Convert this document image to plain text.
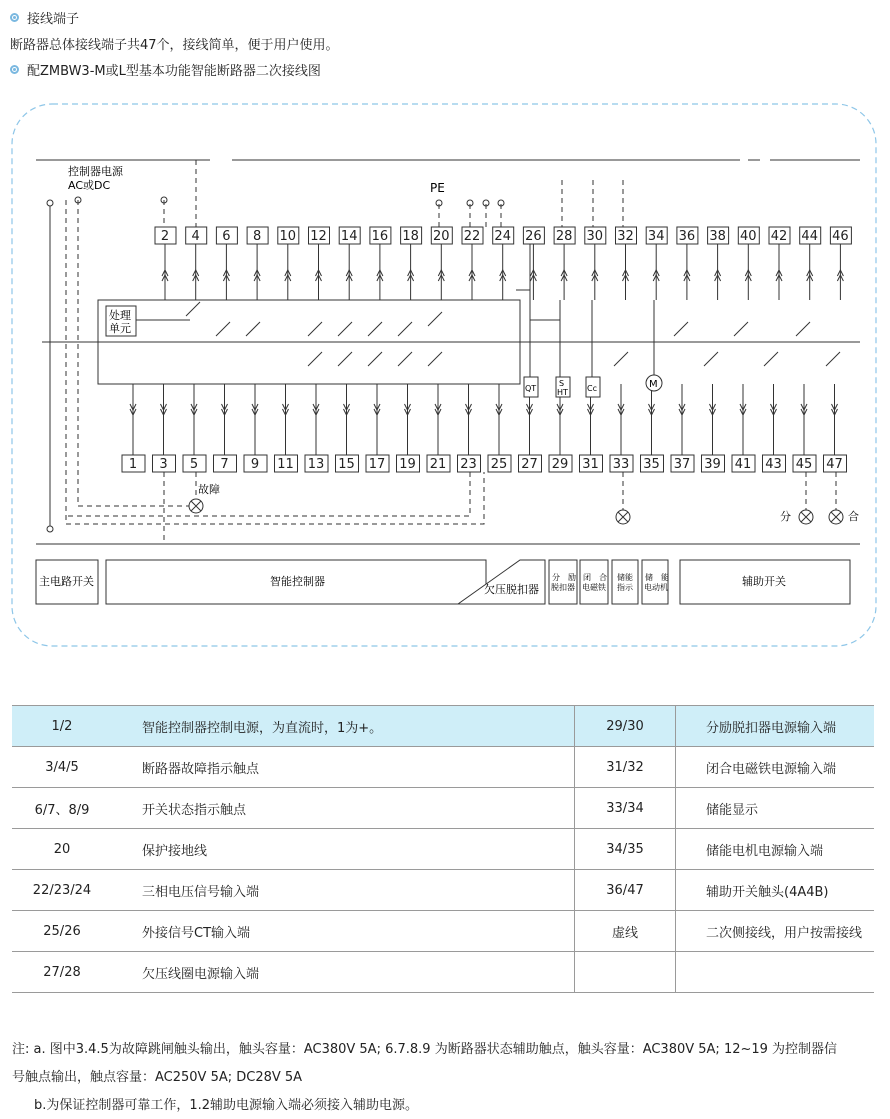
接线端子
断路器总体接线端子共47个，接线简单，便于用户使用。
配ZMBW3-M或L型基本功能智能断路器二次接线图
2 4 6 8 10 12 14 16 18 20 22 24 26 28 30 32 34 36 38 40 42 44 46
1 3 5 7 9 11 13 15 17 19 21 23 25 27 29 31 33 35 37 39 41 43 45 47
控制器电源
AC或DC	PE
处理
单元
QT
S
HT Cc	M
故障
分	合
主电路开关	智能控制器
欠压脱扣器
分　励
脱扣器
闭　合
电磁铁
储能
指示
储　能
电动机	辅助开关
1/2	智能控制器控制电源，为直流时，1为+。	29/30	分励脱扣器电源输入端
3/4/5	断路器故障指示触点	31/32	闭合电磁铁电源输入端
6/7、8/9	开关状态指示触点	33/34	储能显示
20	保护接地线	34/35	储能电机电源输入端
22/23/24	三相电压信号输入端	36/47	辅助开关触头(4A4B)
25/26	外接信号CT输入端	虚线	二次侧接线，用户按需接线
27/28	欠压线圈电源输入端		
注: a. 图中3.4.5为故障跳闸触头输出，触头容量：AC380V 5A; 6.7.8.9 为断路器状态辅助触点，触头容量：AC380V 5A; 12~19 为控制器信
号触点输出，触点容量：AC250V 5A; DC28V 5A
b.为保证控制器可靠工作，1.2辅助电源输入端必须接入辅助电源。
